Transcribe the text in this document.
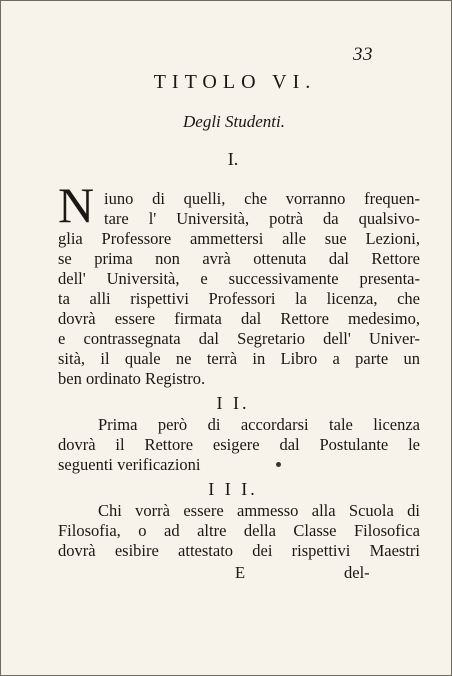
33
TITOLO VI.
Degli Studenti.
I.
N iuno di quelli, che vorranno frequen-
tare l' Università, potrà da qualsivo-
glia Professore ammettersi alle sue Lezioni,
se prima non avrà ottenuta dal Rettore
dell' Università, e successivamente presenta-
ta alli rispettivi Professori la licenza, che
dovrà essere firmata dal Rettore medesimo,
e contrassegnata dal Segretario dell' Univer-
sità, il quale ne terrà in Libro a parte un
ben ordinato Registro.
I I.
Prima però di accordarsi tale licenza
dovrà il Rettore esigere dal Postulante le
seguenti verificazioni
I I I.
Chi vorrà essere ammesso alla Scuola di
Filosofia, o ad altre della Classe Filosofica
dovrà esibire attestato dei rispettivi Maestri
E	del-
